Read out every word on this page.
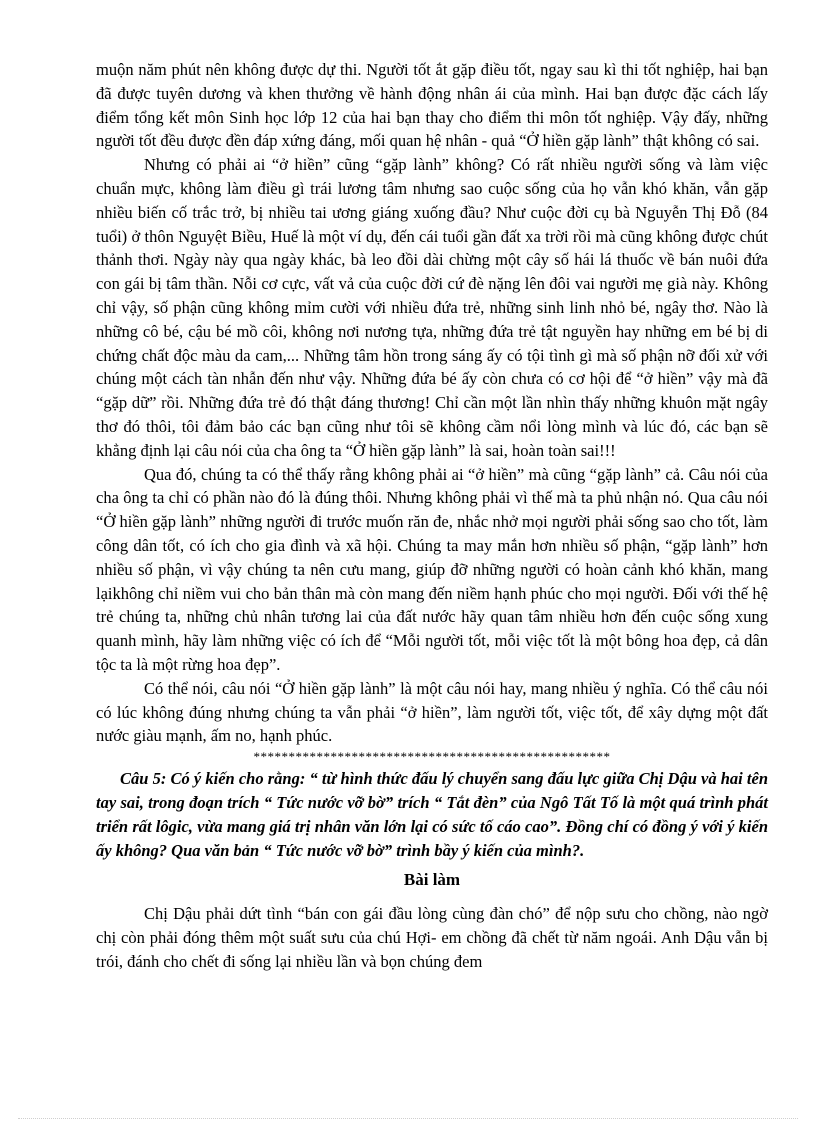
muộn năm phút nên không được dự thi. Người tốt ắt gặp điều tốt, ngay sau kì thi tốt nghiệp, hai bạn đã được tuyên dương và khen thưởng về hành động nhân ái của mình. Hai bạn được đặc cách lấy điểm tổng kết môn Sinh học lớp 12 của hai bạn thay cho điểm thi môn tốt nghiệp. Vậy đấy, những người tốt đều được đền đáp xứng đáng, mối quan hệ nhân - quả “Ở hiền gặp lành” thật không có sai.

Nhưng có phải ai “ở hiền” cũng “gặp lành” không? Có rất nhiều người sống và làm việc chuẩn mực, không làm điều gì trái lương tâm nhưng sao cuộc sống của họ vẫn khó khăn, vẫn gặp nhiều biến cố trắc trở, bị nhiều tai ương giáng xuống đầu? Như cuộc đời cụ bà Nguyễn Thị Đỗ (84 tuổi) ở thôn Nguyệt Biều, Huế là một ví dụ, đến cái tuổi gần đất xa trời rồi mà cũng không được chút thảnh thơi. Ngày này qua ngày khác, bà leo đồi dài chừng một cây số hái lá thuốc về bán nuôi đứa con gái bị tâm thần. Nỗi cơ cực, vất vả của cuộc đời cứ đè nặng lên đôi vai người mẹ già này. Không chỉ vậy, số phận cũng không mỉm cười với nhiều đứa trẻ, những sinh linh nhỏ bé, ngây thơ. Nào là những cô bé, cậu bé mồ côi, không nơi nương tựa, những đứa trẻ tật nguyền hay những em bé bị di chứng chất độc màu da cam,... Những tâm hồn trong sáng ấy có tội tình gì mà số phận nỡ đối xử với chúng một cách tàn nhẫn đến như vậy. Những đứa bé ấy còn chưa có cơ hội để “ở hiền” vậy mà đã “gặp dữ” rồi. Những đứa trẻ đó thật đáng thương! Chỉ cần một lần nhìn thấy những khuôn mặt ngây thơ đó thôi, tôi đảm bảo các bạn cũng như tôi sẽ không cầm nổi lòng mình và lúc đó, các bạn sẽ khẳng định lại câu nói của cha ông ta “Ở hiền gặp lành” là sai, hoàn toàn sai!!!

Qua đó, chúng ta có thể thấy rằng không phải ai “ở hiền” mà cũng “gặp lành” cả. Câu nói của cha ông ta chỉ có phần nào đó là đúng thôi. Nhưng không phải vì thế mà ta phủ nhận nó. Qua câu nói “Ở hiền gặp lành” những người đi trước muốn răn đe, nhắc nhở mọi người phải sống sao cho tốt, làm công dân tốt, có ích cho gia đình và xã hội. Chúng ta may mắn hơn nhiều số phận, “gặp lành” hơn nhiều số phận, vì vậy chúng ta nên cưu mang, giúp đỡ những người có hoàn cảnh khó khăn, mang lạikhông chỉ niềm vui cho bản thân mà còn mang đến niềm hạnh phúc cho mọi người. Đối với thế hệ trẻ chúng ta, những chủ nhân tương lai của đất nước hãy quan tâm nhiều hơn đến cuộc sống xung quanh mình, hãy làm những việc có ích để “Mỗi người tốt, mỗi việc tốt là một bông hoa đẹp, cả dân tộc ta là một rừng hoa đẹp”.

Có thể nói, câu nói “Ở hiền gặp lành” là một câu nói hay, mang nhiều ý nghĩa. Có thể câu nói có lúc không đúng nhưng chúng ta vẫn phải “ở hiền”, làm người tốt, việc tốt, để xây dựng một đất nước giàu mạnh, ấm no, hạnh phúc.

***************************************************

Câu 5: Có ý kiến cho rằng: “ từ hình thức đấu lý chuyển sang đấu lực giữa Chị Dậu và hai tên tay sai, trong đoạn trích “ Tức nước vỡ bờ” trích “ Tắt đèn” của Ngô Tất Tố là một quá trình phát triển rất lôgic, vừa mang giá trị nhân văn lớn lại có sức tố cáo cao”. Đồng chí có đồng ý với ý kiến ấy không? Qua văn bản “ Tức nước vỡ bờ” trình bầy ý kiến của mình?.

Bài làm

Chị Dậu phải dứt tình “bán con gái đầu lòng cùng đàn chó” để nộp sưu cho chồng, nào ngờ chị còn phải đóng thêm một suất sưu của chú Hợi- em chồng đã chết từ năm ngoái. Anh Dậu vẫn bị trói, đánh cho chết đi sống lại nhiều lần và bọn chúng đem
